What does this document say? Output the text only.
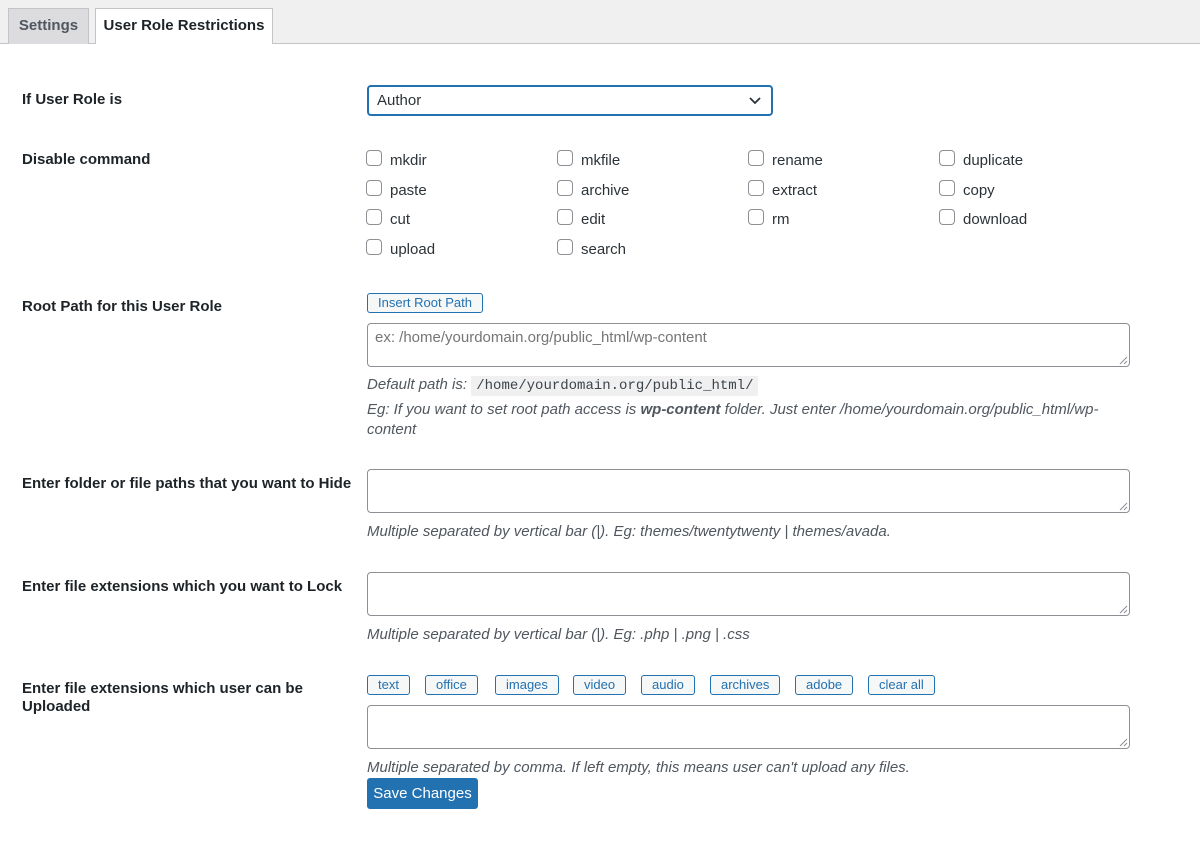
Settings	User Role Restrictions
If User Role is	Author
Disable command	mkdir	mkfile	rename	duplicate
paste	archive	extract	copy
cut	edit	rm	download
upload	search
Root Path for this User Role	Insert Root Path
ex: /home/yourdomain.org/public_html/wp-content
Default path is: /home/yourdomain.org/public_html/
Eg: If you want to set root path access is wp-content folder. Just enter /home/yourdomain.org/public_html/wp-
content
Enter folder or file paths that you want to Hide
Multiple separated by vertical bar (|). Eg: themes/twentytwenty | themes/avada.
Enter file extensions which you want to Lock
Multiple separated by vertical bar (|). Eg: .php | .png | .css
Enter file extensions which user can be
Uploaded
text	office	images	video	audio	archives	adobe	clear all
Multiple separated by comma. If left empty, this means user can't upload any files.
Save Changes
